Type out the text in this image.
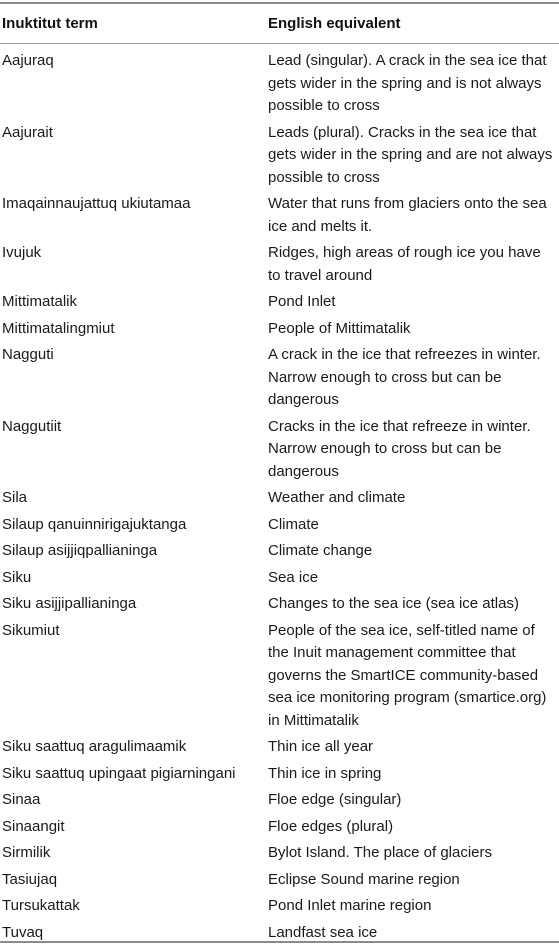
Inuktitut term	English equivalent
Aajuraq	Lead (singular). A crack in the sea ice that
gets wider in the spring and is not always
possible to cross
Aajurait	Leads (plural). Cracks in the sea ice that
gets wider in the spring and are not always
possible to cross
Imaqainnaujattuq ukiutamaa	Water that runs from glaciers onto the sea
ice and melts it.
Ivujuk	Ridges, high areas of rough ice you have
to travel around
Mittimatalik	Pond Inlet
Mittimatalingmiut	People of Mittimatalik
Nagguti	A crack in the ice that refreezes in winter.
Narrow enough to cross but can be
dangerous
Naggutiit	Cracks in the ice that refreeze in winter.
Narrow enough to cross but can be
dangerous
Sila	Weather and climate
Silaup qanuinnirigajuktanga	Climate
Silaup asijjiqpallianinga	Climate change
Siku	Sea ice
Siku asijjipallianinga	Changes to the sea ice (sea ice atlas)
Sikumiut	People of the sea ice, self-titled name of
the Inuit management committee that
governs the SmartICE community-based
sea ice monitoring program (smartice.org)
in Mittimatalik
Siku saattuq aragulimaamik	Thin ice all year
Siku saattuq upingaat pigiarningani	Thin ice in spring
Sinaa	Floe edge (singular)
Sinaangit	Floe edges (plural)
Sirmilik	Bylot Island. The place of glaciers
Tasiujaq	Eclipse Sound marine region
Tursukattak	Pond Inlet marine region
Tuvaq	Landfast sea ice
